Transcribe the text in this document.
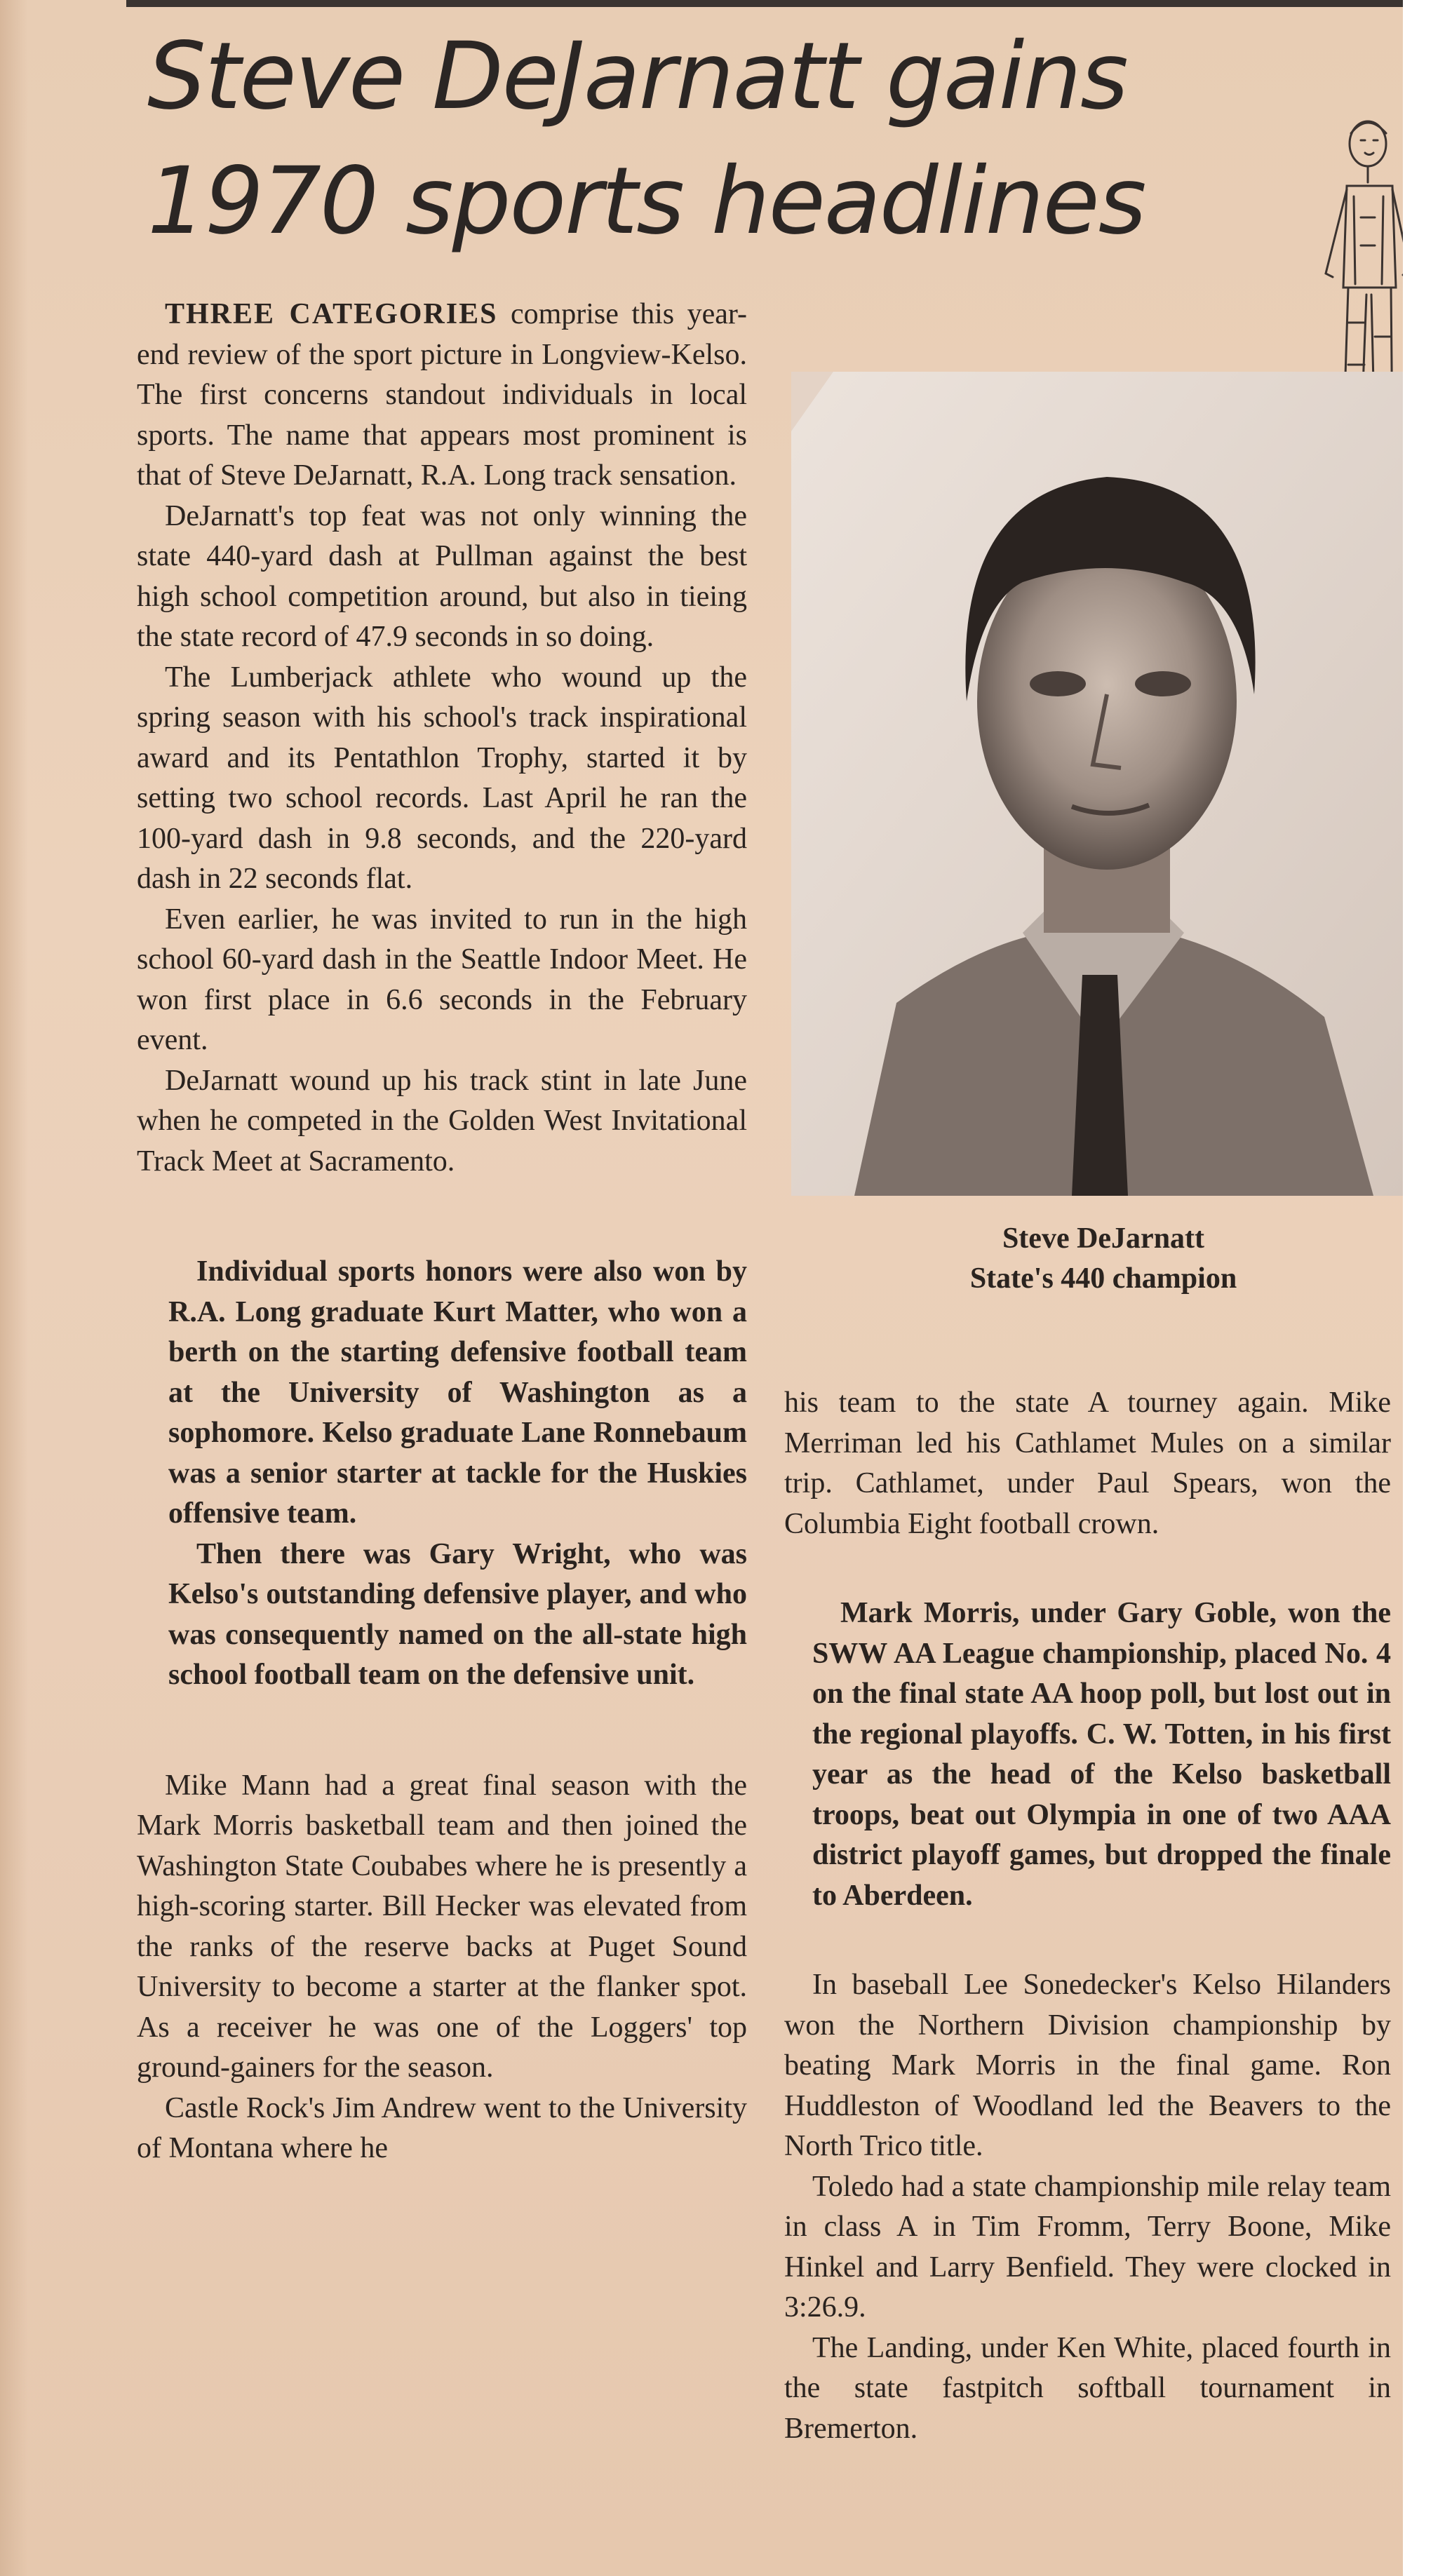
Steve DeJarnatt gains
1970 sports headlines

THREE CATEGORIES comprise this year-end review of the sport picture in Longview-Kelso. The first concerns standout individuals in local sports. The name that appears most prominent is that of Steve DeJarnatt, R.A. Long track sensation.

DeJarnatt's top feat was not only winning the state 440-yard dash at Pullman against the best high school competition around, but also in tieing the state record of 47.9 seconds in so doing.

The Lumberjack athlete who wound up the spring season with his school's track inspirational award and its Pentathlon Trophy, started it by setting two school records. Last April he ran the 100-yard dash in 9.8 seconds, and the 220-yard dash in 22 seconds flat.

Even earlier, he was invited to run in the high school 60-yard dash in the Seattle Indoor Meet. He won first place in 6.6 seconds in the February event.

DeJarnatt wound up his track stint in late June when he competed in the Golden West Invitational Track Meet at Sacramento.

Individual sports honors were also won by R.A. Long graduate Kurt Matter, who won a berth on the starting defensive football team at the University of Washington as a sophomore. Kelso graduate Lane Ronnebaum was a senior starter at tackle for the Huskies offensive team.

Then there was Gary Wright, who was Kelso's outstanding defensive player, and who was consequently named on the all-state high school football team on the defensive unit.

Mike Mann had a great final season with the Mark Morris basketball team and then joined the Washington State Coubabes where he is presently a high-scoring starter. Bill Hecker was elevated from the ranks of the reserve backs at Puget Sound University to become a starter at the flanker spot. As a receiver he was one of the Loggers' top ground-gainers for the season.

Castle Rock's Jim Andrew went to the University of Montana where he

Steve DeJarnatt
State's 440 champion

his team to the state A tourney again. Mike Merriman led his Cathlamet Mules on a similar trip. Cathlamet, under Paul Spears, won the Columbia Eight football crown.

Mark Morris, under Gary Goble, won the SWW AA League championship, placed No. 4 on the final state AA hoop poll, but lost out in the regional playoffs. C. W. Totten, in his first year as the head of the Kelso basketball troops, beat out Olympia in one of two AAA district playoff games, but dropped the finale to Aberdeen.

In baseball Lee Sonedecker's Kelso Hilanders won the Northern Division championship by beating Mark Morris in the final game. Ron Huddleston of Woodland led the Beavers to the North Trico title.

Toledo had a state championship mile relay team in class A in Tim Fromm, Terry Boone, Mike Hinkel and Larry Benfield. They were clocked in 3:26.9.

The Landing, under Ken White, placed fourth in the state fastpitch softball tournament in Bremerton.
